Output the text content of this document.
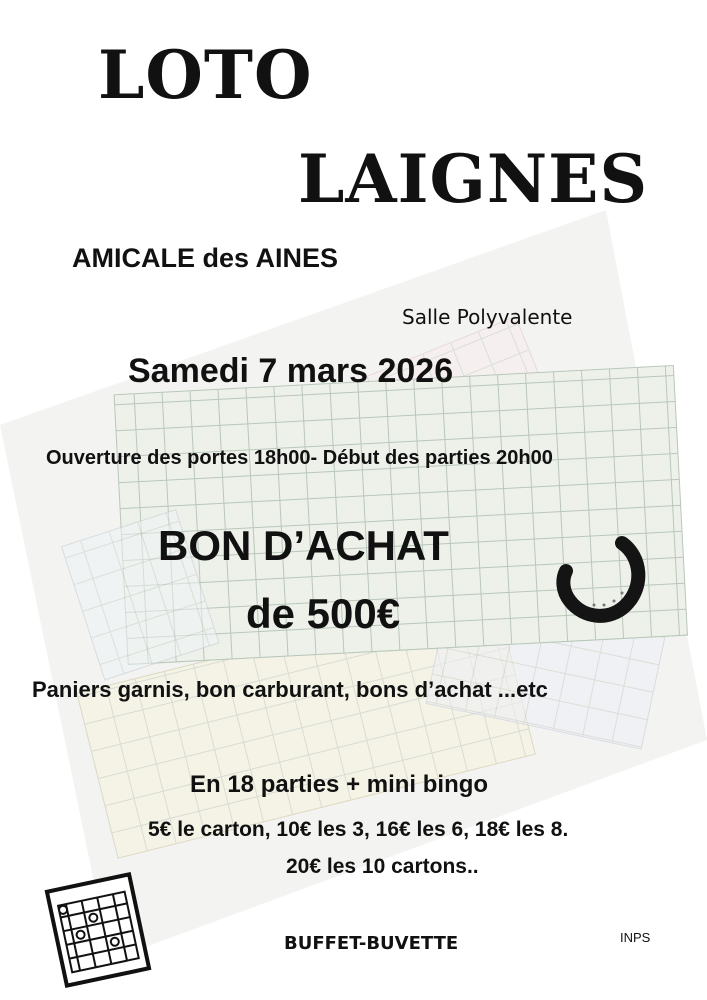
LOTO
LAIGNES
AMICALE des AINES
Salle Polyvalente
Samedi 7 mars 2026
Ouverture des portes 18h00- Début des parties 20h00
BON D’ACHAT
de 500€
Paniers garnis, bon carburant, bons d’achat ...etc
En 18 parties + mini bingo
5€ le carton, 10€ les 3, 16€ les 6, 18€ les 8.
20€ les 10 cartons..
BUFFET-BUVETTE	INPS
